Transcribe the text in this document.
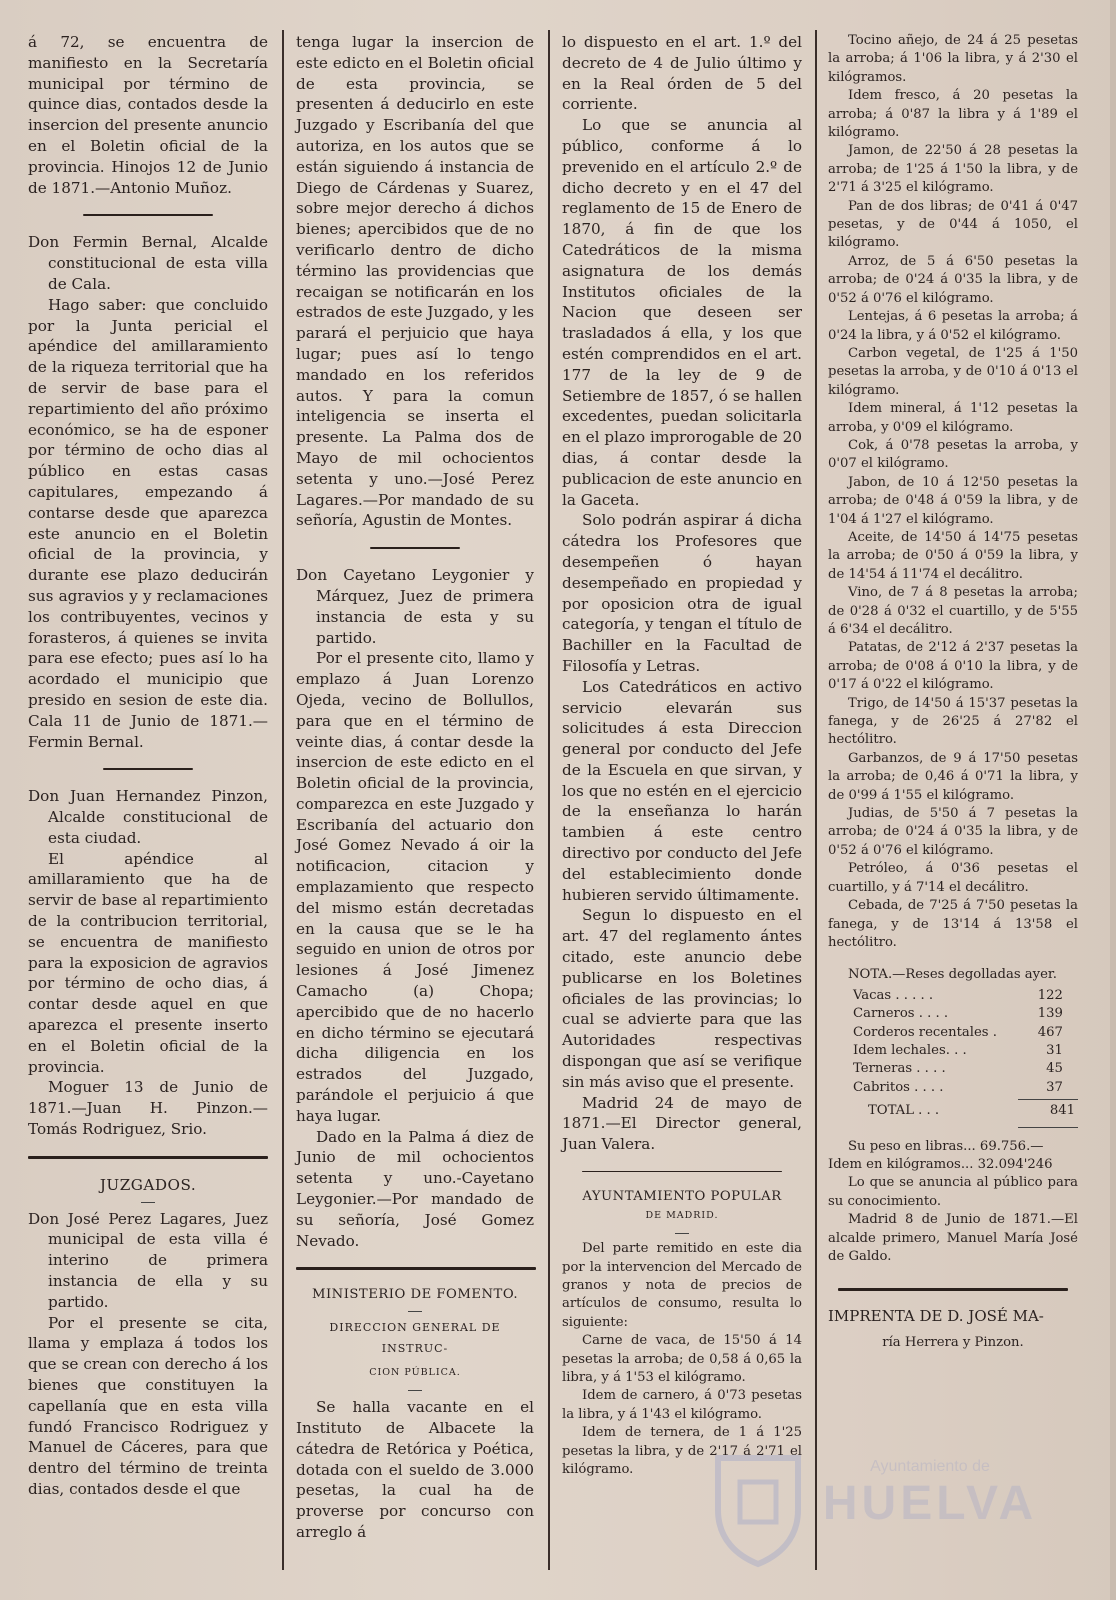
á 72, se encuentra de manifiesto en la Secretaría municipal por término de quince dias, contados desde la insercion del presente anuncio en el Boletin oficial de la provincia. Hinojos 12 de Junio de 1871.—Antonio Muñoz.

Don Fermin Bernal, Alcalde constitucional de esta villa de Cala.

Hago saber: que concluido por la Junta pericial el apéndice del amillaramiento de la riqueza territorial que ha de servir de base para el repartimiento del año próximo económico, se ha de esponer por término de ocho dias al público en estas casas capitulares, empezando á contarse desde que aparezca este anuncio en el Boletin oficial de la provincia, y durante ese plazo deducirán sus agravios y y reclamaciones los contribuyentes, vecinos y forasteros, á quienes se invita para ese efecto; pues así lo ha acordado el municipio que presido en sesion de este dia. Cala 11 de Junio de 1871.—Fermin Bernal.

Don Juan Hernandez Pinzon, Alcalde constitucional de esta ciudad.

El apéndice al amillaramiento que ha de servir de base al repartimiento de la contribucion territorial, se encuentra de manifiesto para la exposicion de agravios por término de ocho dias, á contar desde aquel en que aparezca el presente inserto en el Boletin oficial de la provincia.

Moguer 13 de Junio de 1871.—Juan H. Pinzon.—Tomás Rodriguez, Srio.

JUZGADOS.

Don José Perez Lagares, Juez municipal de esta villa é interino de primera instancia de ella y su partido.

Por el presente se cita, llama y emplaza á todos los que se crean con derecho á los bienes que constituyen la capellanía que en esta villa fundó Francisco Rodriguez y Manuel de Cáceres, para que dentro del término de treinta dias, contados desde el que

tenga lugar la insercion de este edicto en el Boletin oficial de esta provincia, se presenten á deducirlo en este Juzgado y Escribanía del que autoriza, en los autos que se están siguiendo á instancia de Diego de Cárdenas y Suarez, sobre mejor derecho á dichos bienes; apercibidos que de no verificarlo dentro de dicho término las providencias que recaigan se notificarán en los estrados de este Juzgado, y les parará el perjuicio que haya lugar; pues así lo tengo mandado en los referidos autos. Y para la comun inteligencia se inserta el presente. La Palma dos de Mayo de mil ochocientos setenta y uno.—José Perez Lagares.—Por mandado de su señoría, Agustin de Montes.

Don Cayetano Leygonier y Márquez, Juez de primera instancia de esta y su partido.

Por el presente cito, llamo y emplazo á Juan Lorenzo Ojeda, vecino de Bollullos, para que en el término de veinte dias, á contar desde la insercion de este edicto en el Boletin oficial de la provincia, comparezca en este Juzgado y Escribanía del actuario don José Gomez Nevado á oir la notificacion, citacion y emplazamiento que respecto del mismo están decretadas en la causa que se le ha seguido en union de otros por lesiones á José Jimenez Camacho (a) Chopa; apercibido que de no hacerlo en dicho término se ejecutará dicha diligencia en los estrados del Juzgado, parándole el perjuicio á que haya lugar.

Dado en la Palma á diez de Junio de mil ochocientos setenta y uno.-Cayetano Leygonier.—Por mandado de su señoría, José Gomez Nevado.

MINISTERIO DE FOMENTO.

DIRECCION GENERAL DE INSTRUC-

CION PÚBLICA.

Se halla vacante en el Instituto de Albacete la cátedra de Retórica y Poética, dotada con el sueldo de 3.000 pesetas, la cual ha de proverse por concurso con arreglo á

lo dispuesto en el art. 1.º del decreto de 4 de Julio último y en la Real órden de 5 del corriente.

Lo que se anuncia al público, conforme á lo prevenido en el artículo 2.º de dicho decreto y en el 47 del reglamento de 15 de Enero de 1870, á fin de que los Catedráticos de la misma asignatura de los demás Institutos oficiales de la Nacion que deseen ser trasladados á ella, y los que estén comprendidos en el art. 177 de la ley de 9 de Setiembre de 1857, ó se hallen excedentes, puedan solicitarla en el plazo improrogable de 20 dias, á contar desde la publicacion de este anuncio en la Gaceta.

Solo podrán aspirar á dicha cátedra los Profesores que desempeñen ó hayan desempeñado en propiedad y por oposicion otra de igual categoría, y tengan el título de Bachiller en la Facultad de Filosofía y Letras.

Los Catedráticos en activo servicio elevarán sus solicitudes á esta Direccion general por conducto del Jefe de la Escuela en que sirvan, y los que no estén en el ejercicio de la enseñanza lo harán tambien á este centro directivo por conducto del Jefe del establecimiento donde hubieren servido últimamente.

Segun lo dispuesto en el art. 47 del reglamento ántes citado, este anuncio debe publicarse en los Boletines oficiales de las provincias; lo cual se advierte para que las Autoridades respectivas dispongan que así se verifique sin más aviso que el presente.

Madrid 24 de mayo de 1871.—El Director general, Juan Valera.

AYUNTAMIENTO POPULAR

DE MADRID.

Del parte remitido en este dia por la intervencion del Mercado de granos y nota de precios de artículos de consumo, resulta lo siguiente:

Carne de vaca, de 15'50 á 14 pesetas la arroba; de 0,58 á 0,65 la libra, y á 1'53 el kilógramo.

Idem de carnero, á 0'73 pesetas la libra, y á 1'43 el kilógramo.

Idem de ternera, de 1 á 1'25 pesetas la libra, y de 2'17 á 2'71 el kilógramo.

Tocino añejo, de 24 á 25 pesetas la arroba; á 1'06 la libra, y á 2'30 el kilógramos.

Idem fresco, á 20 pesetas la arroba; á 0'87 la libra y á 1'89 el kilógramo.

Jamon, de 22'50 á 28 pesetas la arroba; de 1'25 á 1'50 la libra, y de 2'71 á 3'25 el kilógramo.

Pan de dos libras; de 0'41 á 0'47 pesetas, y de 0'44 á 1050, el kilógramo.

Arroz, de 5 á 6'50 pesetas la arroba; de 0'24 á 0'35 la libra, y de 0'52 á 0'76 el kilógramo.

Lentejas, á 6 pesetas la arroba; á 0'24 la libra, y á 0'52 el kilógramo.

Carbon vegetal, de 1'25 á 1'50 pesetas la arroba, y de 0'10 á 0'13 el kilógramo.

Idem mineral, á 1'12 pesetas la arroba, y 0'09 el kilógramo.

Cok, á 0'78 pesetas la arroba, y 0'07 el kilógramo.

Jabon, de 10 á 12'50 pesetas la arroba; de 0'48 á 0'59 la libra, y de 1'04 á 1'27 el kilógramo.

Aceite, de 14'50 á 14'75 pesetas la arroba; de 0'50 á 0'59 la libra, y de 14'54 á 11'74 el decálitro.

Vino, de 7 á 8 pesetas la arroba; de 0'28 á 0'32 el cuartillo, y de 5'55 á 6'34 el decálitro.

Patatas, de 2'12 á 2'37 pesetas la arroba; de 0'08 á 0'10 la libra, y de 0'17 á 0'22 el kilógramo.

Trigo, de 14'50 á 15'37 pesetas la fanega, y de 26'25 á 27'82 el hectólitro.

Garbanzos, de 9 á 17'50 pesetas la arroba; de 0,46 á 0'71 la libra, y de 0'99 á 1'55 el kilógramo.

Judias, de 5'50 á 7 pesetas la arroba; de 0'24 á 0'35 la libra, y de 0'52 á 0'76 el kilógramo.

Petróleo, á 0'36 pesetas el cuartillo, y á 7'14 el decálitro.

Cebada, de 7'25 á 7'50 pesetas la fanega, y de 13'14 á 13'58 el hectólitro.

NOTA.—Reses degolladas ayer.

Vacas . . . . .	122
Carneros . . . .	139
Corderos recentales .	467
Idem lechales. . .	31
Terneras . . . .	45
Cabritos . . . .	37
TOTAL . . .	841

Su peso en libras... 69.756.—

Idem en kilógramos... 32.094'246

Lo que se anuncia al público para su conocimiento.

Madrid 8 de Junio de 1871.—El alcalde primero, Manuel María José de Galdo.

IMPRENTA DE D. JOSÉ MA-

ría Herrera y Pinzon.

Ayuntamiento de
HUELVA
